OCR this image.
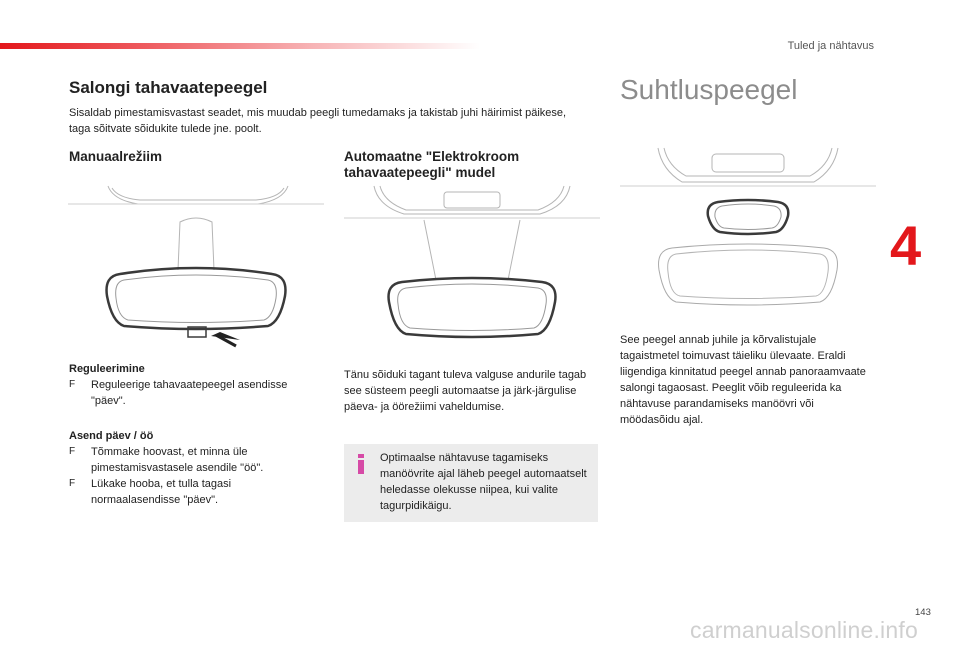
Tuled ja nähtavus
4
Salongi tahavaatepeegel
Sisaldab pimestamisvastast seadet, mis muudab peegli tumedamaks ja takistab juhi häirimist päikese, taga sõitvate sõidukite tulede jne. poolt.
Manuaalrežiim	Automaatne "Elektrokroom
tahavaatepeegli" mudel
Suhtluspeegel
Reguleerimine
F	Reguleerige tahavaatepeegel asendisse "päev".
Asend päev / öö
F	Tõmmake hoovast, et minna üle pimestamisvastasele asendile "öö".
F	Lükake hooba, et tulla tagasi normaalasendisse "päev".
Tänu sõiduki tagant tuleva valguse andurile tagab see süsteem peegli automaatse ja järk-järgulise päeva- ja öörežiimi vaheldumise.
Optimaalse nähtavuse tagamiseks manöövrite ajal läheb peegel automaatselt heledasse olekusse niipea, kui valite tagurpidikäigu.
See peegel annab juhile ja kõrvalistujale tagaistmetel toimuvast täieliku ülevaate. Eraldi liigendiga kinnitatud peegel annab panoraamvaate salongi tagaosast. Peeglit võib reguleerida ka nähtavuse parandamiseks manöövri või möödasõidu ajal.
143
carmanualsonline.info
